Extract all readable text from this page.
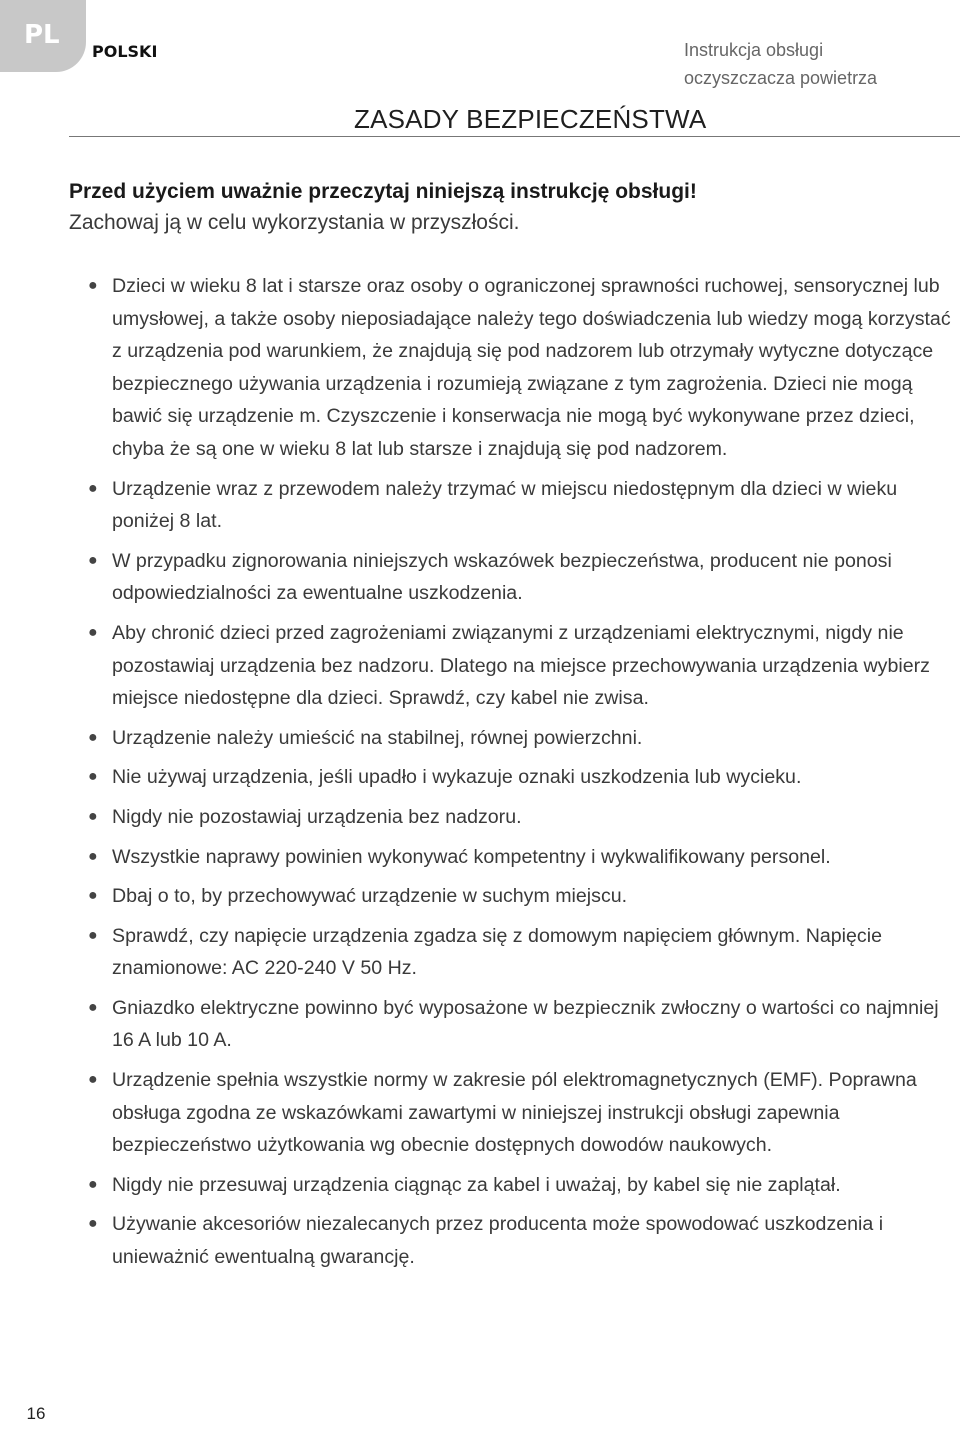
PL
POLSKI	Instrukcja obsługi
oczyszczacza powietrza
ZASADY BEZPIECZEŃSTWA
Przed użyciem uważnie przeczytaj niniejszą instrukcję obsługi!
Zachowaj ją w celu wykorzystania w przyszłości.
● Dzieci w wieku 8 lat i starsze oraz osoby o ograniczonej sprawności ruchowej, sensorycznej lub umysłowej, a także osoby nieposiadające należy tego doświadczenia lub wiedzy mogą korzystać z urządzenia pod warunkiem, że znajdują się pod nadzorem lub otrzymały wytyczne dotyczące bezpiecznego używania urządzenia i rozumieją związane z tym zagrożenia. Dzieci nie mogą bawić się urządzenie m. Czyszczenie i konserwacja nie mogą być wykonywane przez dzieci, chyba że są one w wieku 8 lat lub starsze i znajdują się pod nadzorem.
● Urządzenie wraz z przewodem należy trzymać w miejscu niedostępnym dla dzieci w wieku poniżej 8 lat.
● W przypadku zignorowania niniejszych wskazówek bezpieczeństwa, producent nie ponosi odpowiedzialności za ewentualne uszkodzenia.
● Aby chronić dzieci przed zagrożeniami związanymi z urządzeniami elektrycznymi, nigdy nie pozostawiaj urządzenia bez nadzoru. Dlatego na miejsce przechowywania urządzenia wybierz miejsce niedostępne dla dzieci. Sprawdź, czy kabel nie zwisa.
● Urządzenie należy umieścić na stabilnej, równej powierzchni.
● Nie używaj urządzenia, jeśli upadło i wykazuje oznaki uszkodzenia lub wycieku.
● Nigdy nie pozostawiaj urządzenia bez nadzoru.
● Wszystkie naprawy powinien wykonywać kompetentny i wykwalifikowany personel.
● Dbaj o to, by przechowywać urządzenie w suchym miejscu.
● Sprawdź, czy napięcie urządzenia zgadza się z domowym napięciem głównym. Napięcie znamionowe: AC 220-240 V 50 Hz.
● Gniazdko elektryczne powinno być wyposażone w bezpiecznik zwłoczny o wartości co najmniej 16 A lub 10 A.
● Urządzenie spełnia wszystkie normy w zakresie pól elektromagnetycznych (EMF). Poprawna obsługa zgodna ze wskazówkami zawartymi w niniejszej instrukcji obsługi zapewnia bezpieczeństwo użytkowania wg obecnie dostępnych dowodów naukowych.
● Nigdy nie przesuwaj urządzenia ciągnąc za kabel i uważaj, by kabel się nie zaplątał.
● Używanie akcesoriów niezalecanych przez producenta może spowodować uszkodzenia i unieważnić ewentualną gwarancję.
16
